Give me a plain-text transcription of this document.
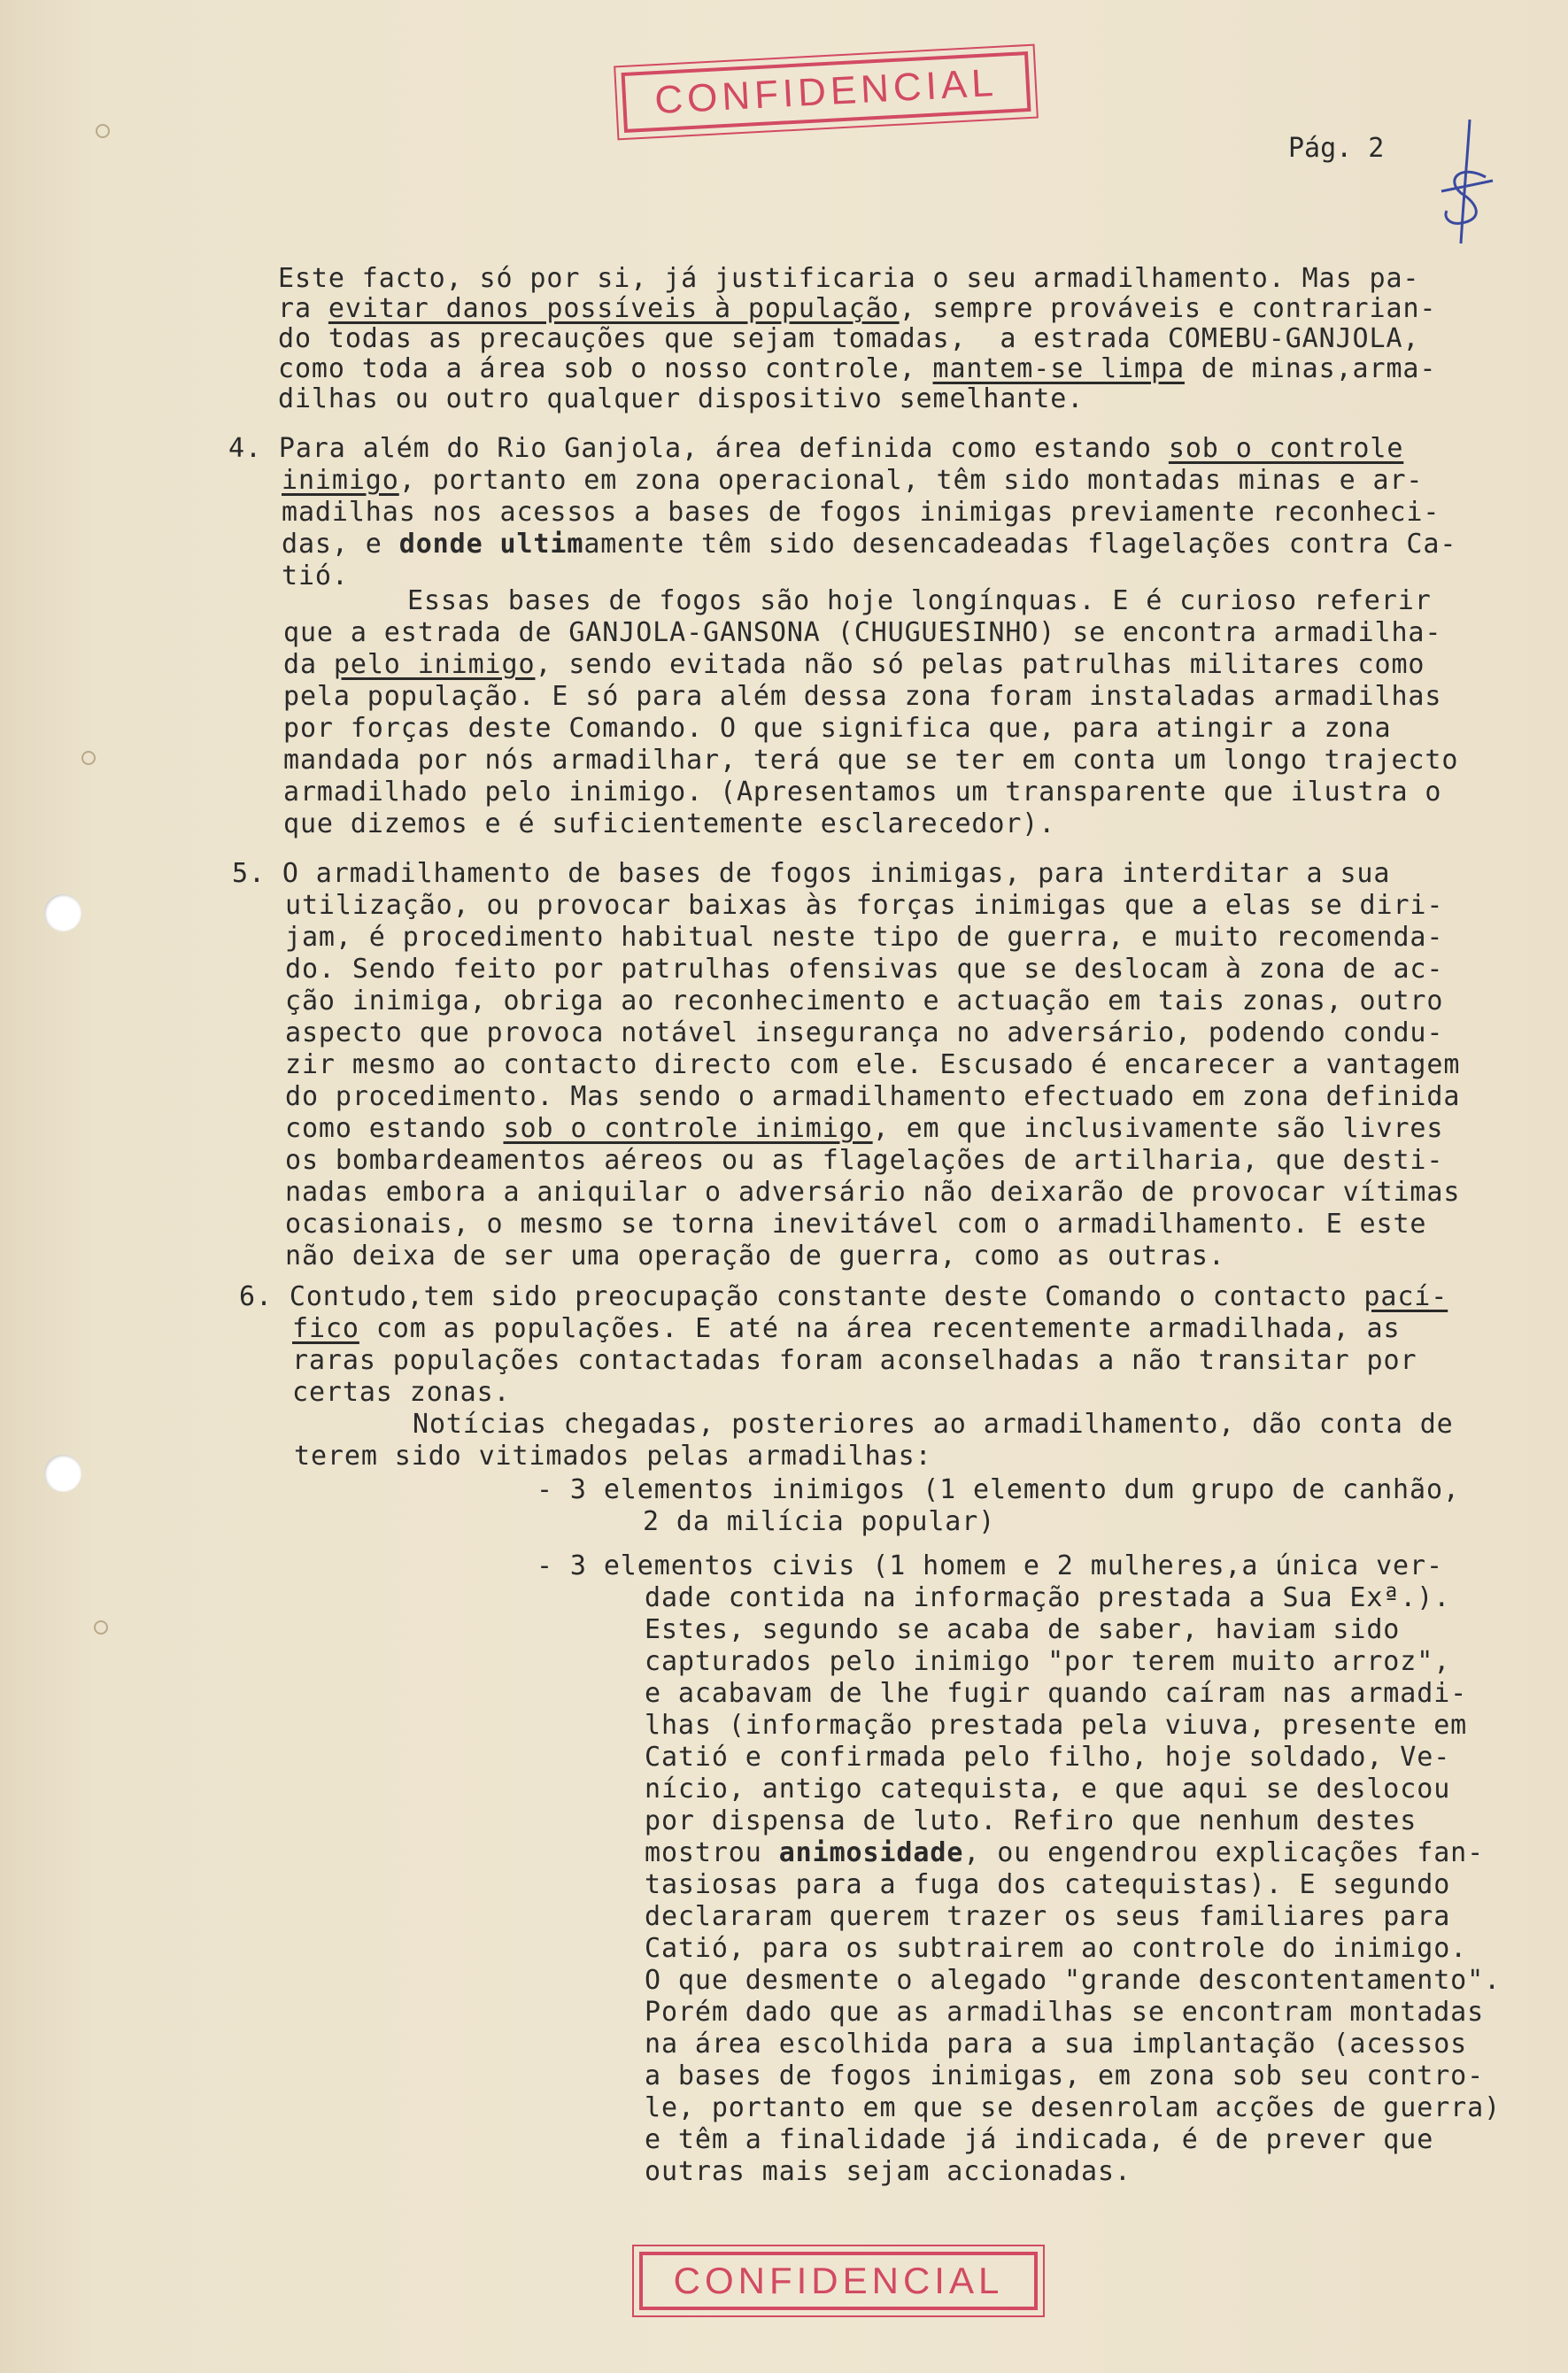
CONFIDENCIAL
Pág. 2

Este facto, só por si, já justificaria o seu armadilhamento. Mas pa-

ra evitar danos possíveis à população, sempre prováveis e contrarian-

do todas as precauções que sejam tomadas,  a estrada COMEBU-GANJOLA,

como toda a área sob o nosso controle, mantem-se limpa de minas,arma-

dilhas ou outro qualquer dispositivo semelhante.

4. Para além do Rio Ganjola, área definida como estando sob o controle

inimigo, portanto em zona operacional, têm sido montadas minas e ar-

madilhas nos acessos a bases de fogos inimigas previamente reconheci-

das, e donde ultimamente têm sido desencadeadas flagelações contra Ca-

tió.

Essas bases de fogos são hoje longínquas. E é curioso referir

que a estrada de GANJOLA-GANSONA (CHUGUESINHO) se encontra armadilha-

da pelo inimigo, sendo evitada não só pelas patrulhas militares como

pela população. E só para além dessa zona foram instaladas armadilhas

por forças deste Comando. O que significa que, para atingir a zona

mandada por nós armadilhar, terá que se ter em conta um longo trajecto

armadilhado pelo inimigo. (Apresentamos um transparente que ilustra o

que dizemos e é suficientemente esclarecedor).

5. O armadilhamento de bases de fogos inimigas, para interditar a sua

utilização, ou provocar baixas às forças inimigas que a elas se diri-

jam, é procedimento habitual neste tipo de guerra, e muito recomenda-

do. Sendo feito por patrulhas ofensivas que se deslocam à zona de ac-

ção inimiga, obriga ao reconhecimento e actuação em tais zonas, outro

aspecto que provoca notável insegurança no adversário, podendo condu-

zir mesmo ao contacto directo com ele. Escusado é encarecer a vantagem

do procedimento. Mas sendo o armadilhamento efectuado em zona definida

como estando sob o controle inimigo, em que inclusivamente são livres

os bombardeamentos aéreos ou as flagelações de artilharia, que desti-

nadas embora a aniquilar o adversário não deixarão de provocar vítimas

ocasionais, o mesmo se torna inevitável com o armadilhamento. E este

não deixa de ser uma operação de guerra, como as outras.

6. Contudo,tem sido preocupação constante deste Comando o contacto pací-

fico com as populações. E até na área recentemente armadilhada, as

raras populações contactadas foram aconselhadas a não transitar por

certas zonas.

Notícias chegadas, posteriores ao armadilhamento, dão conta de

terem sido vitimados pelas armadilhas:

- 3 elementos inimigos (1 elemento dum grupo de canhão,

2 da milícia popular)

- 3 elementos civis (1 homem e 2 mulheres,a única ver-

dade contida na informação prestada a Sua Exª.).

Estes, segundo se acaba de saber, haviam sido

capturados pelo inimigo "por terem muito arroz",

e acabavam de lhe fugir quando caíram nas armadi-

lhas (informação prestada pela viuva, presente em

Catió e confirmada pelo filho, hoje soldado, Ve-

nício, antigo catequista, e que aqui se deslocou

por dispensa de luto. Refiro que nenhum destes

mostrou animosidade, ou engendrou explicações fan-

tasiosas para a fuga dos catequistas). E segundo

declararam querem trazer os seus familiares para

Catió, para os subtrairem ao controle do inimigo.

O que desmente o alegado "grande descontentamento".

Porém dado que as armadilhas se encontram montadas

na área escolhida para a sua implantação (acessos

a bases de fogos inimigas, em zona sob seu contro-

le, portanto em que se desenrolam acções de guerra)

e têm a finalidade já indicada, é de prever que

outras mais sejam accionadas.

CONFIDENCIAL
